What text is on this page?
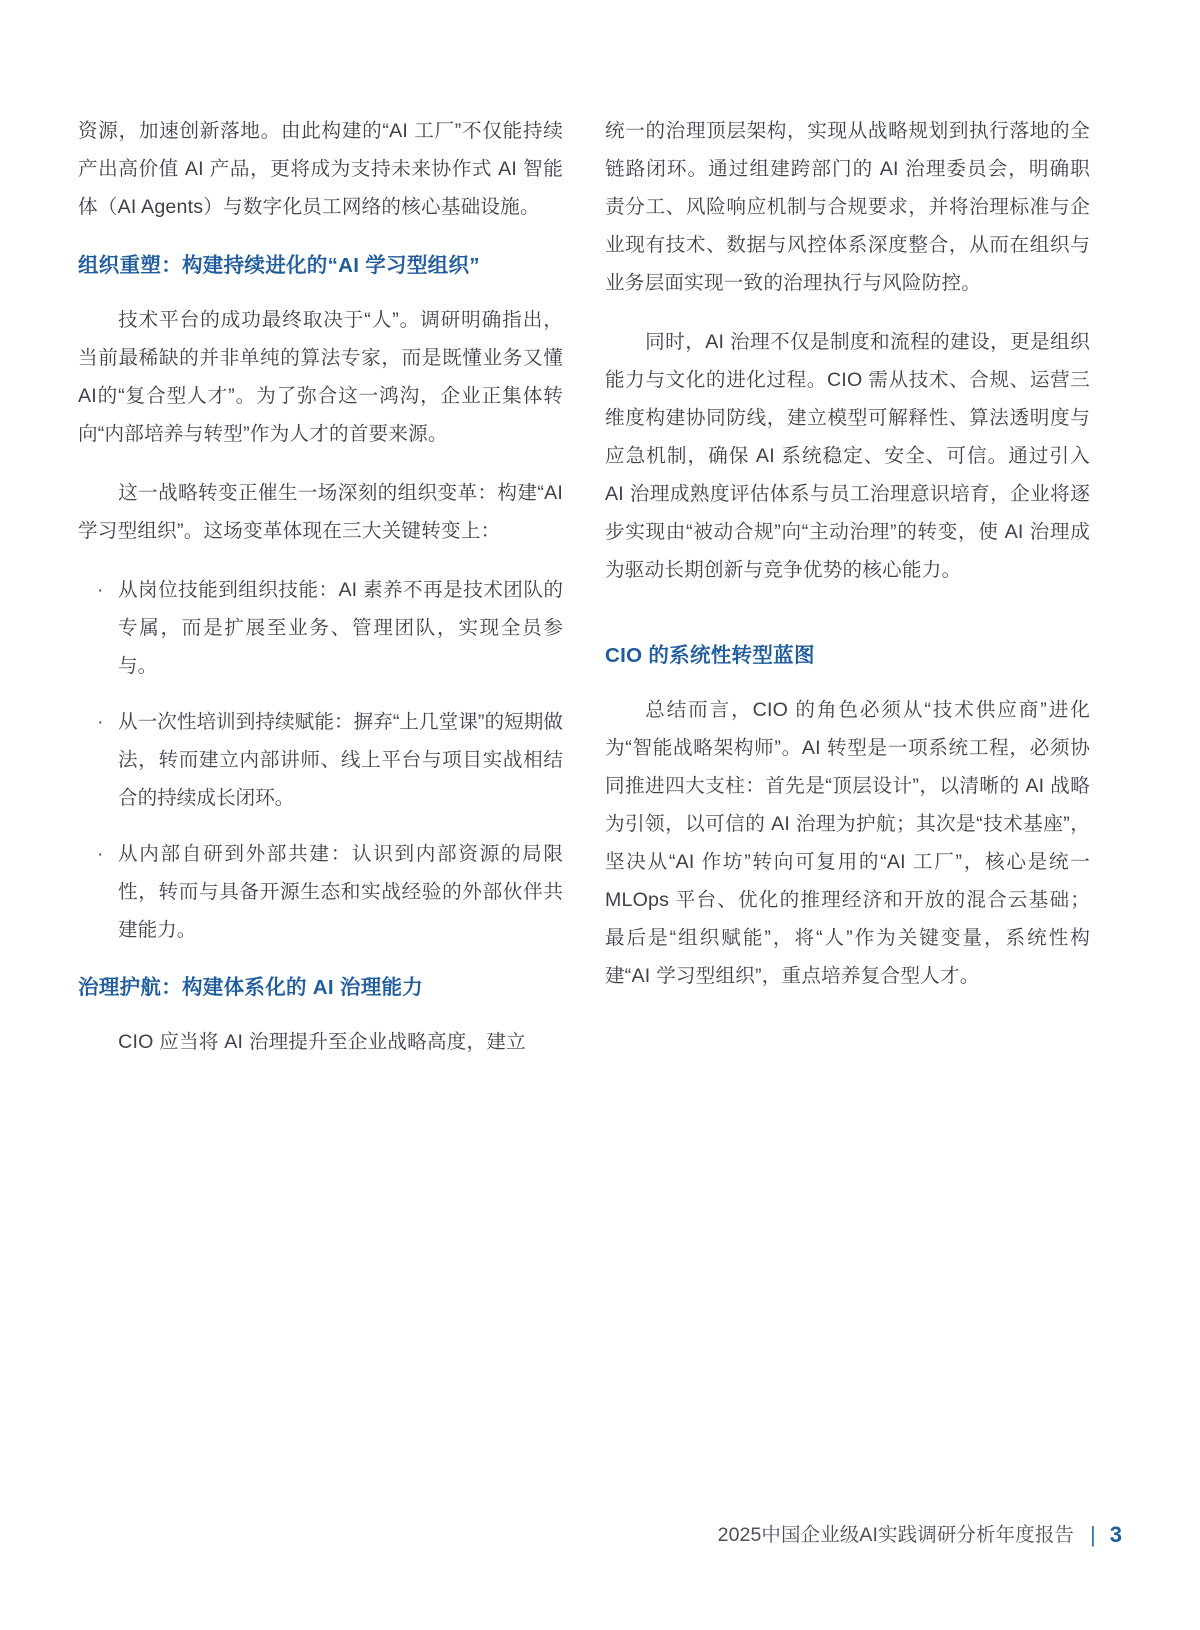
资源，加速创新落地。由此构建的“AI 工厂”不仅能持续产出高价值 AI 产品，更将成为支持未来协作式 AI 智能体（AI Agents）与数字化员工网络的核心基础设施。

组织重塑：构建持续进化的“AI 学习型组织”

技术平台的成功最终取决于“人”。调研明确指出，当前最稀缺的并非单纯的算法专家，而是既懂业务又懂AI的“复合型人才”。为了弥合这一鸿沟，企业正集体转向“内部培养与转型”作为人才的首要来源。

这一战略转变正催生一场深刻的组织变革：构建“AI 学习型组织”。这场变革体现在三大关键转变上：

· 从岗位技能到组织技能：AI 素养不再是技术团队的专属，而是扩展至业务、管理团队，实现全员参与。
· 从一次性培训到持续赋能：摒弃“上几堂课”的短期做法，转而建立内部讲师、线上平台与项目实战相结合的持续成长闭环。
· 从内部自研到外部共建：认识到内部资源的局限性，转而与具备开源生态和实战经验的外部伙伴共建能力。
治理护航：构建体系化的 AI 治理能力

CIO 应当将 AI 治理提升至企业战略高度，建立

统一的治理顶层架构，实现从战略规划到执行落地的全链路闭环。通过组建跨部门的 AI 治理委员会，明确职责分工、风险响应机制与合规要求，并将治理标准与企业现有技术、数据与风控体系深度整合，从而在组织与业务层面实现一致的治理执行与风险防控。

同时，AI 治理不仅是制度和流程的建设，更是组织能力与文化的进化过程。CIO 需从技术、合规、运营三维度构建协同防线，建立模型可解释性、算法透明度与应急机制，确保 AI 系统稳定、安全、可信。通过引入 AI 治理成熟度评估体系与员工治理意识培育，企业将逐步实现由“被动合规”向“主动治理”的转变，使 AI 治理成为驱动长期创新与竞争优势的核心能力。

CIO 的系统性转型蓝图

总结而言，CIO 的角色必须从“技术供应商”进化为“智能战略架构师”。AI 转型是一项系统工程，必须协同推进四大支柱：首先是“顶层设计”，以清晰的 AI 战略为引领，以可信的 AI 治理为护航；其次是“技术基座”，坚决从“AI 作坊”转向可复用的“AI 工厂”，核心是统一 MLOps 平台、优化的推理经济和开放的混合云基础；最后是“组织赋能”，将“人”作为关键变量，系统性构建“AI 学习型组织”，重点培养复合型人才。

2025中国企业级AI实践调研分析年度报告 | 3
